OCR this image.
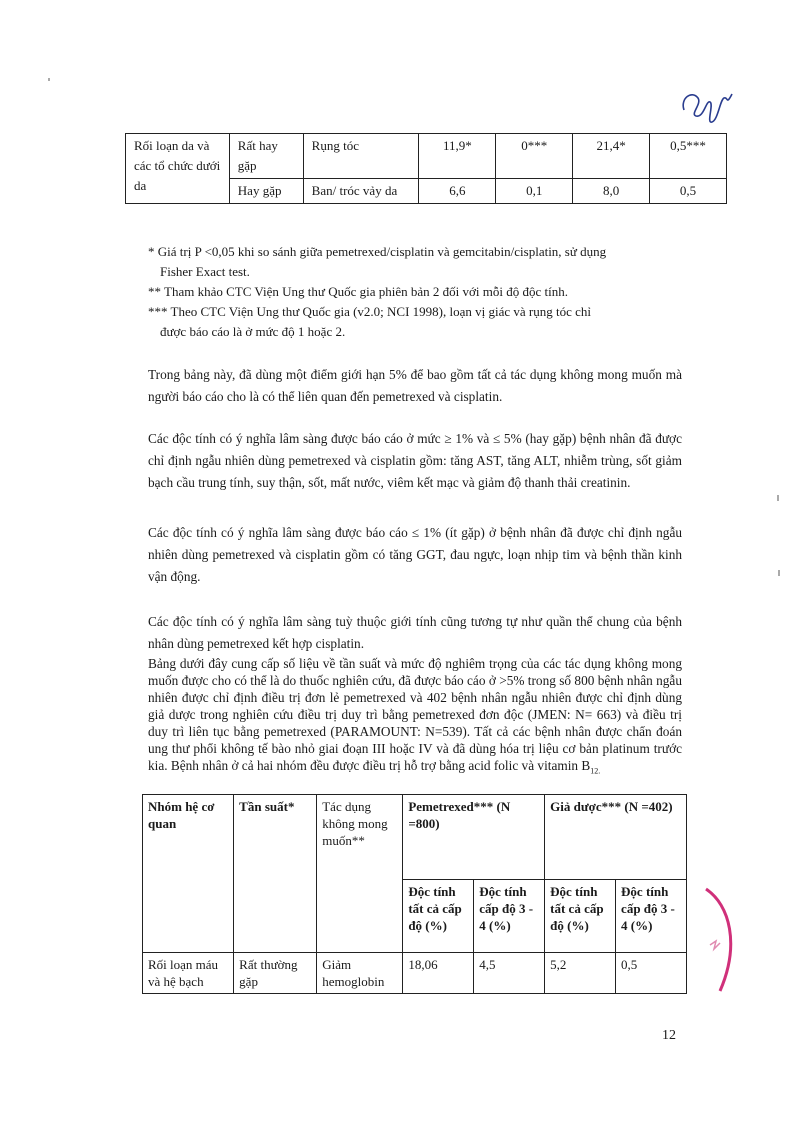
Rối loạn da và các tổ chức dưới da	Rất hay gặp	Rụng tóc	11,9*	0***	21,4*	0,5***
	Hay gặp	Ban/ tróc vảy da	6,6	0,1	8,0	0,5
* Giá trị P <0,05 khi so sánh giữa pemetrexed/cisplatin và gemcitabin/cisplatin, sử dụng
Fisher Exact test.
** Tham khảo CTC Viện Ung thư Quốc gia phiên bản 2 đối với mỗi độ độc tính.
*** Theo CTC Viện Ung thư Quốc gia (v2.0; NCI 1998), loạn vị giác và rụng tóc chỉ
được báo cáo là ở mức độ 1 hoặc 2.
Trong bảng này, đã dùng một điểm giới hạn 5% để bao gồm tất cả tác dụng không mong muốn mà người báo cáo cho là có thể liên quan đến pemetrexed và cisplatin.
Các độc tính có ý nghĩa lâm sàng được báo cáo ở mức ≥ 1% và ≤ 5% (hay gặp) bệnh nhân đã được chỉ định ngẫu nhiên dùng pemetrexed và cisplatin gồm: tăng AST, tăng ALT, nhiễm trùng, sốt giảm bạch cầu trung tính, suy thận, sốt, mất nước, viêm kết mạc và giảm độ thanh thải creatinin.
Các độc tính có ý nghĩa lâm sàng được báo cáo ≤ 1% (ít gặp) ở bệnh nhân đã được chỉ định ngẫu nhiên dùng pemetrexed và cisplatin gồm có tăng GGT, đau ngực, loạn nhịp tim và bệnh thần kinh vận động.
Các độc tính có ý nghĩa lâm sàng tuỳ thuộc giới tính cũng tương tự như quần thể chung của bệnh nhân dùng pemetrexed kết hợp cisplatin.
Bảng dưới đây cung cấp số liệu về tần suất và mức độ nghiêm trọng của các tác dụng không mong muốn được cho có thể là do thuốc nghiên cứu, đã được báo cáo ở >5% trong số 800 bệnh nhân ngẫu nhiên được chỉ định điều trị đơn lẻ pemetrexed và 402 bệnh nhân ngẫu nhiên được chỉ định dùng giả dược trong nghiên cứu điều trị duy trì bằng pemetrexed đơn độc (JMEN: N= 663) và điều trị duy trì liên tục bằng pemetrexed (PARAMOUNT: N=539). Tất cả các bệnh nhân được chẩn đoán ung thư phổi không tế bào nhỏ giai đoạn III hoặc IV và đã dùng hóa trị liệu cơ bản platinum trước kia. Bệnh nhân ở cả hai nhóm đều được điều trị hỗ trợ bằng acid folic và vitamin $B_{12.}$
Nhóm hệ cơ quan	Tần suất*	Tác dụng không mong muốn**	Pemetrexed*** (N =800)		Giả dược*** (N =402)	
			Độc tính tất cả cấp độ (%)	Độc tính cấp độ 3 - 4 (%)	Độc tính tất cả cấp độ (%)	Độc tính cấp độ 3 - 4 (%)
Rối loạn máu và hệ bạch	Rất thường gặp	Giảm hemoglobin	18,06	4,5	5,2	0,5
12
